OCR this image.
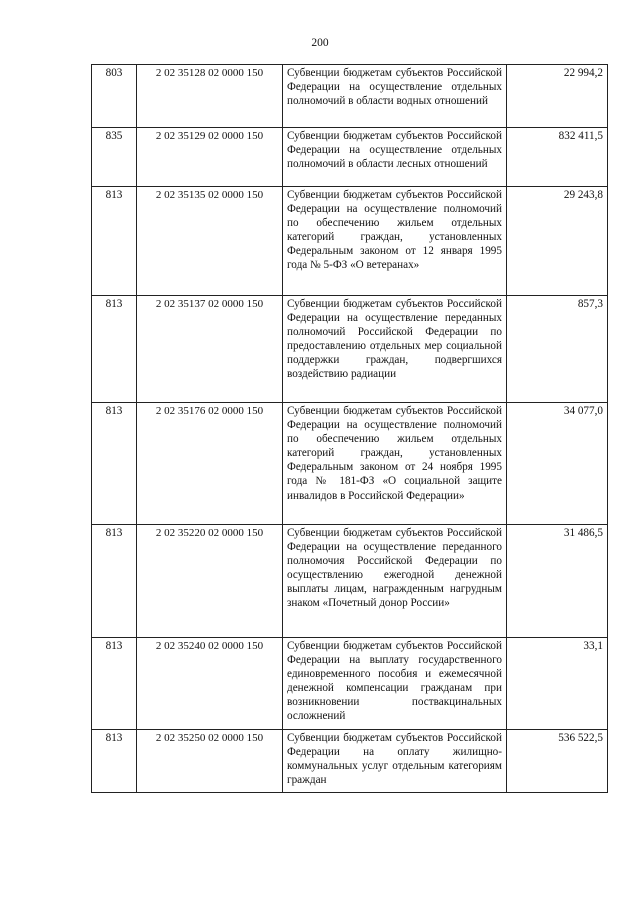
200
803	2 02 35128 02 0000 150	Субвенции бюджетам субъектов Российской Федерации на осуществление отдельных полномочий в области водных отношений	22 994,2
835	2 02 35129 02 0000 150	Субвенции бюджетам субъектов Российской Федерации на осуществление отдельных полномочий в области лесных отношений	832 411,5
813	2 02 35135 02 0000 150	Субвенции бюджетам субъектов Российской Федерации на осуществление полномочий по обеспечению жильем отдельных категорий граждан, установленных Федеральным законом от 12 января 1995 года № 5-ФЗ «О ветеранах»	29 243,8
813	2 02 35137 02 0000 150	Субвенции бюджетам субъектов Российской Федерации на осуществление переданных полномочий Российской Федерации по предоставлению отдельных мер социальной поддержки граждан, подвергшихся воздействию радиации	857,3
813	2 02 35176 02 0000 150	Субвенции бюджетам субъектов Российской Федерации на осуществление полномочий по обеспечению жильем отдельных категорий граждан, установленных Федеральным законом от 24 ноября 1995 года № 181-ФЗ «О социальной защите инвалидов в Российской Федерации»	34 077,0
813	2 02 35220 02 0000 150	Субвенции бюджетам субъектов Российской Федерации на осуществление переданного полномочия Российской Федерации по осуществлению ежегодной денежной выплаты лицам, награжденным нагрудным знаком «Почетный донор России»	31 486,5
813	2 02 35240 02 0000 150	Субвенции бюджетам субъектов Российской Федерации на выплату государственного единовременного пособия и ежемесячной денежной компенсации гражданам при возникновении поствакцинальных осложнений	33,1
813	2 02 35250 02 0000 150	Субвенции бюджетам субъектов Российской Федерации на оплату жилищно-коммунальных услуг отдельным категориям граждан	536 522,5
